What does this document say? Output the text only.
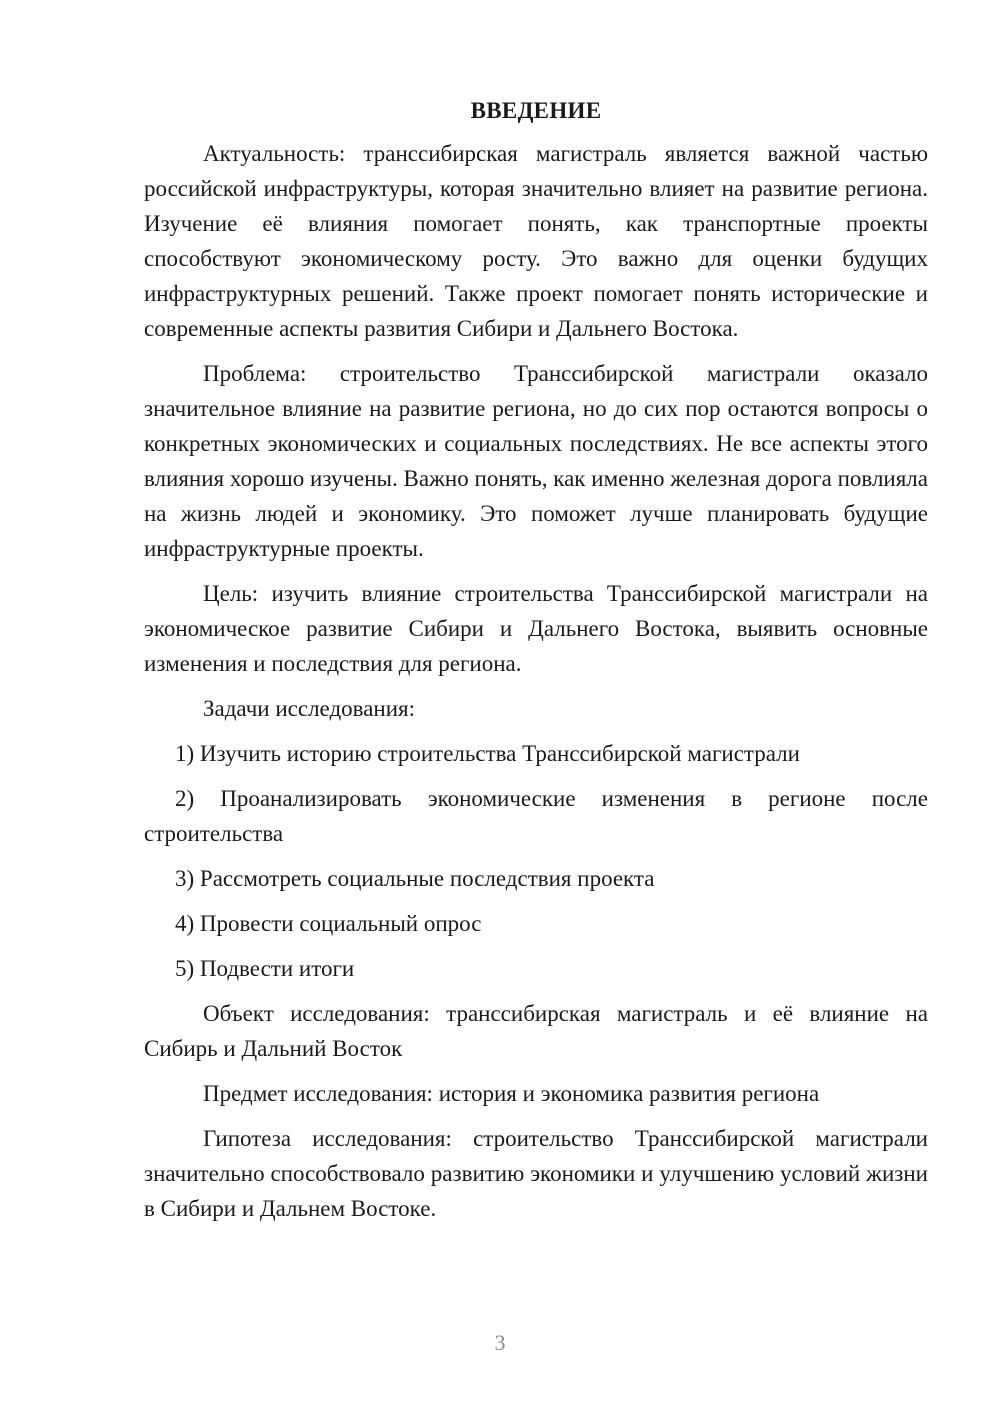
ВВЕДЕНИЕ

Актуальность: транссибирская магистраль является важной частью российской инфраструктуры, которая значительно влияет на развитие региона. Изучение её влияния помогает понять, как транспортные проекты способствуют экономическому росту. Это важно для оценки будущих инфраструктурных решений. Также проект помогает понять исторические и современные аспекты развития Сибири и Дальнего Востока.

Проблема: строительство Транссибирской магистрали оказало значительное влияние на развитие региона, но до сих пор остаются вопросы о конкретных экономических и социальных последствиях. Не все аспекты этого влияния хорошо изучены. Важно понять, как именно железная дорога повлияла на жизнь людей и экономику. Это поможет лучше планировать будущие инфраструктурные проекты.

Цель: изучить влияние строительства Транссибирской магистрали на экономическое развитие Сибири и Дальнего Востока, выявить основные изменения и последствия для региона.

Задачи исследования:

1) Изучить историю строительства Транссибирской магистрали

2) Проанализировать экономические изменения в регионе после строительства

3) Рассмотреть социальные последствия проекта

4) Провести социальный опрос

5) Подвести итоги

Объект исследования: транссибирская магистраль и её влияние на Сибирь и Дальний Восток

Предмет исследования: история и экономика развития региона

Гипотеза исследования: строительство Транссибирской магистрали значительно способствовало развитию экономики и улучшению условий жизни в Сибири и Дальнем Востоке.

3
